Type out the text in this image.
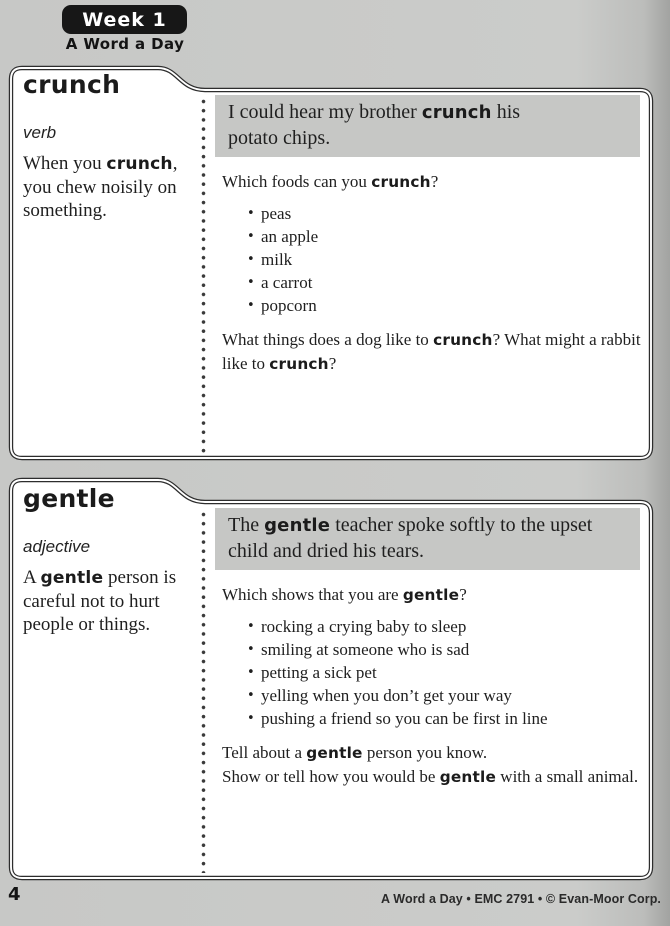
Week 1
A Word a Day
crunch
verb
When you crunch,
you chew noisily on
something.
I could hear my brother crunch his
potato chips.
Which foods can you crunch?
• peas
• an apple
• milk
• a carrot
• popcorn
What things does a dog like to crunch? What might a rabbit
like to crunch?
gentle
adjective
A gentle person is
careful not to hurt
people or things.
The gentle teacher spoke softly to the upset
child and dried his tears.
Which shows that you are gentle?
• rocking a crying baby to sleep
• smiling at someone who is sad
• petting a sick pet
• yelling when you don’t get your way
• pushing a friend so you can be first in line
Tell about a gentle person you know.
Show or tell how you would be gentle with a small animal.
4	A Word a Day • EMC 2791 • © Evan-Moor Corp.
